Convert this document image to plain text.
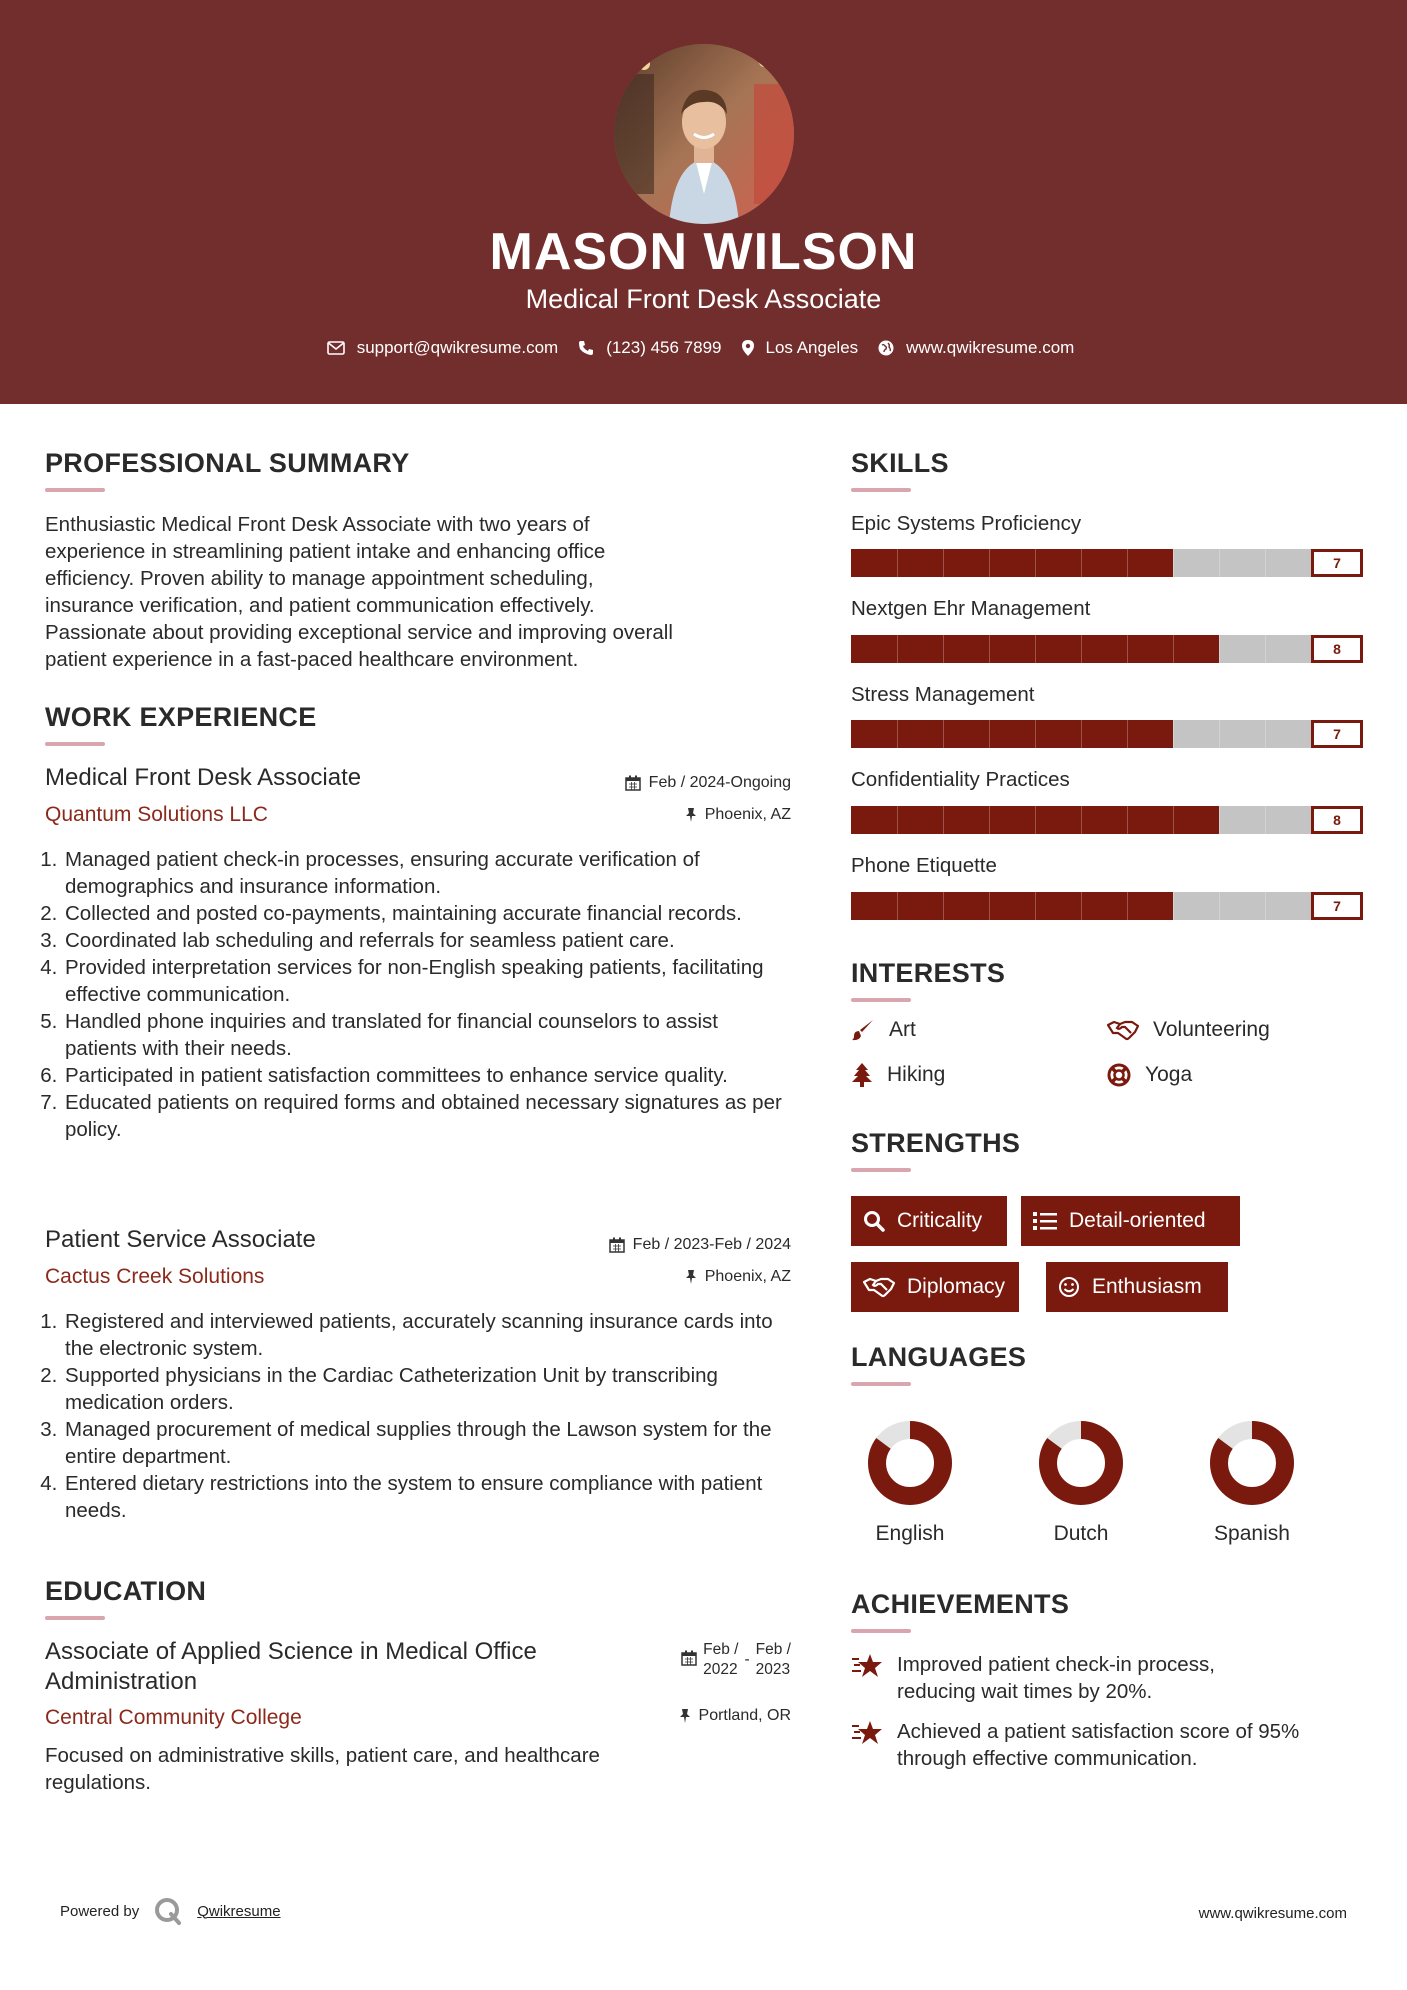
MASON WILSON
Medical Front Desk Associate
support@qwikresume.com	(123) 456 7899	Los Angeles	www.qwikresume.com
PROFESSIONAL SUMMARY
Enthusiastic Medical Front Desk Associate with two years of
experience in streamlining patient intake and enhancing office
efficiency. Proven ability to manage appointment scheduling,
insurance verification, and patient communication effectively.
Passionate about providing exceptional service and improving overall
patient experience in a fast-paced healthcare environment.
WORK EXPERIENCE
Medical Front Desk Associate	Feb / 2024-Ongoing
Quantum Solutions LLC	Phoenix, AZ
1. Managed patient check-in processes, ensuring accurate verification of demographics and insurance information.
2. Collected and posted co-payments, maintaining accurate financial records.
3. Coordinated lab scheduling and referrals for seamless patient care.
4. Provided interpretation services for non-English speaking patients, facilitating effective communication.
5. Handled phone inquiries and translated for financial counselors to assist patients with their needs.
6. Participated in patient satisfaction committees to enhance service quality.
7. Educated patients on required forms and obtained necessary signatures as per policy.
Patient Service Associate	Feb / 2023-Feb / 2024
Cactus Creek Solutions	Phoenix, AZ
1. Registered and interviewed patients, accurately scanning insurance cards into the electronic system.
2. Supported physicians in the Cardiac Catheterization Unit by transcribing medication orders.
3. Managed procurement of medical supplies through the Lawson system for the entire department.
4. Entered dietary restrictions into the system to ensure compliance with patient needs.
EDUCATION
Associate of Applied Science in Medical Office
Administration
Feb /
2022
-
Feb /
2023
Central Community College	Portland, OR
Focused on administrative skills, patient care, and healthcare
regulations.
SKILLS
Epic Systems Proficiency
7
Nextgen Ehr Management
8
Stress Management
7
Confidentiality Practices
8
Phone Etiquette
7
INTERESTS
Art	Volunteering
Hiking	Yoga
STRENGTHS
Criticality	Detail-oriented
Diplomacy	Enthusiasm
LANGUAGES
English	Dutch	Spanish
ACHIEVEMENTS
Improved patient check-in process,
reducing wait times by 20%.
Achieved a patient satisfaction score of 95%
through effective communication.
Powered by	Qwikresume	www.qwikresume.com
